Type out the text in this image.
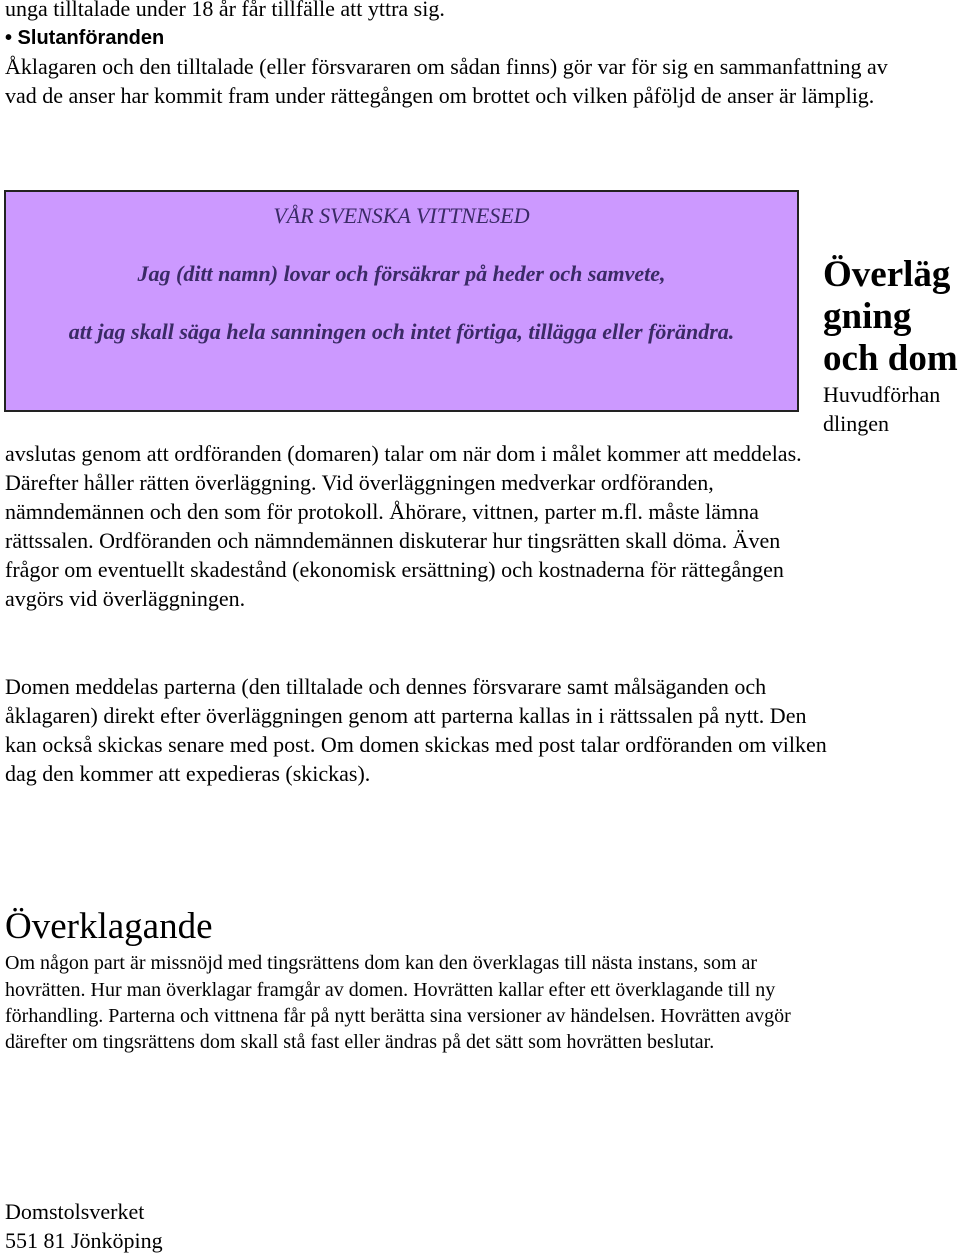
unga tilltalade under 18 år får tillfälle att yttra sig.
• Slutanföranden
Åklagaren och den tilltalade (eller försvararen om sådan finns) gör var för sig en sammanfattning av
vad de anser har kommit fram under rättegången om brottet och vilken påföljd de anser är lämplig.
VÅR SVENSKA VITTNESED
Jag (ditt namn) lovar och försäkrar på heder och samvete,
att jag skall säga hela sanningen och intet förtiga, tillägga eller förändra.
Överläg
gning
och dom
Huvudförhan
dlingen
avslutas genom att ordföranden (domaren) talar om när dom i målet kommer att meddelas.
Därefter håller rätten överläggning. Vid överläggningen medverkar ordföranden,
nämndemännen och den som för protokoll. Åhörare, vittnen, parter m.fl. måste lämna
rättssalen. Ordföranden och nämndemännen diskuterar hur tingsrätten skall döma. Även
frågor om eventuellt skadestånd (ekonomisk ersättning) och kostnaderna för rättegången
avgörs vid överläggningen.
Domen meddelas parterna (den tilltalade och dennes försvarare samt målsäganden och
åklagaren) direkt efter överläggningen genom att parterna kallas in i rättssalen på nytt. Den
kan också skickas senare med post. Om domen skickas med post talar ordföranden om vilken
dag den kommer att expedieras (skickas).
Överklagande
Om någon part är missnöjd med tingsrättens dom kan den överklagas till nästa instans, som ar
hovrätten. Hur man överklagar framgår av domen. Hovrätten kallar efter ett överklagande till ny
förhandling. Parterna och vittnena får på nytt berätta sina versioner av händelsen. Hovrätten avgör
därefter om tingsrättens dom skall stå fast eller ändras på det sätt som hovrätten beslutar.
Domstolsverket
551 81 Jönköping
